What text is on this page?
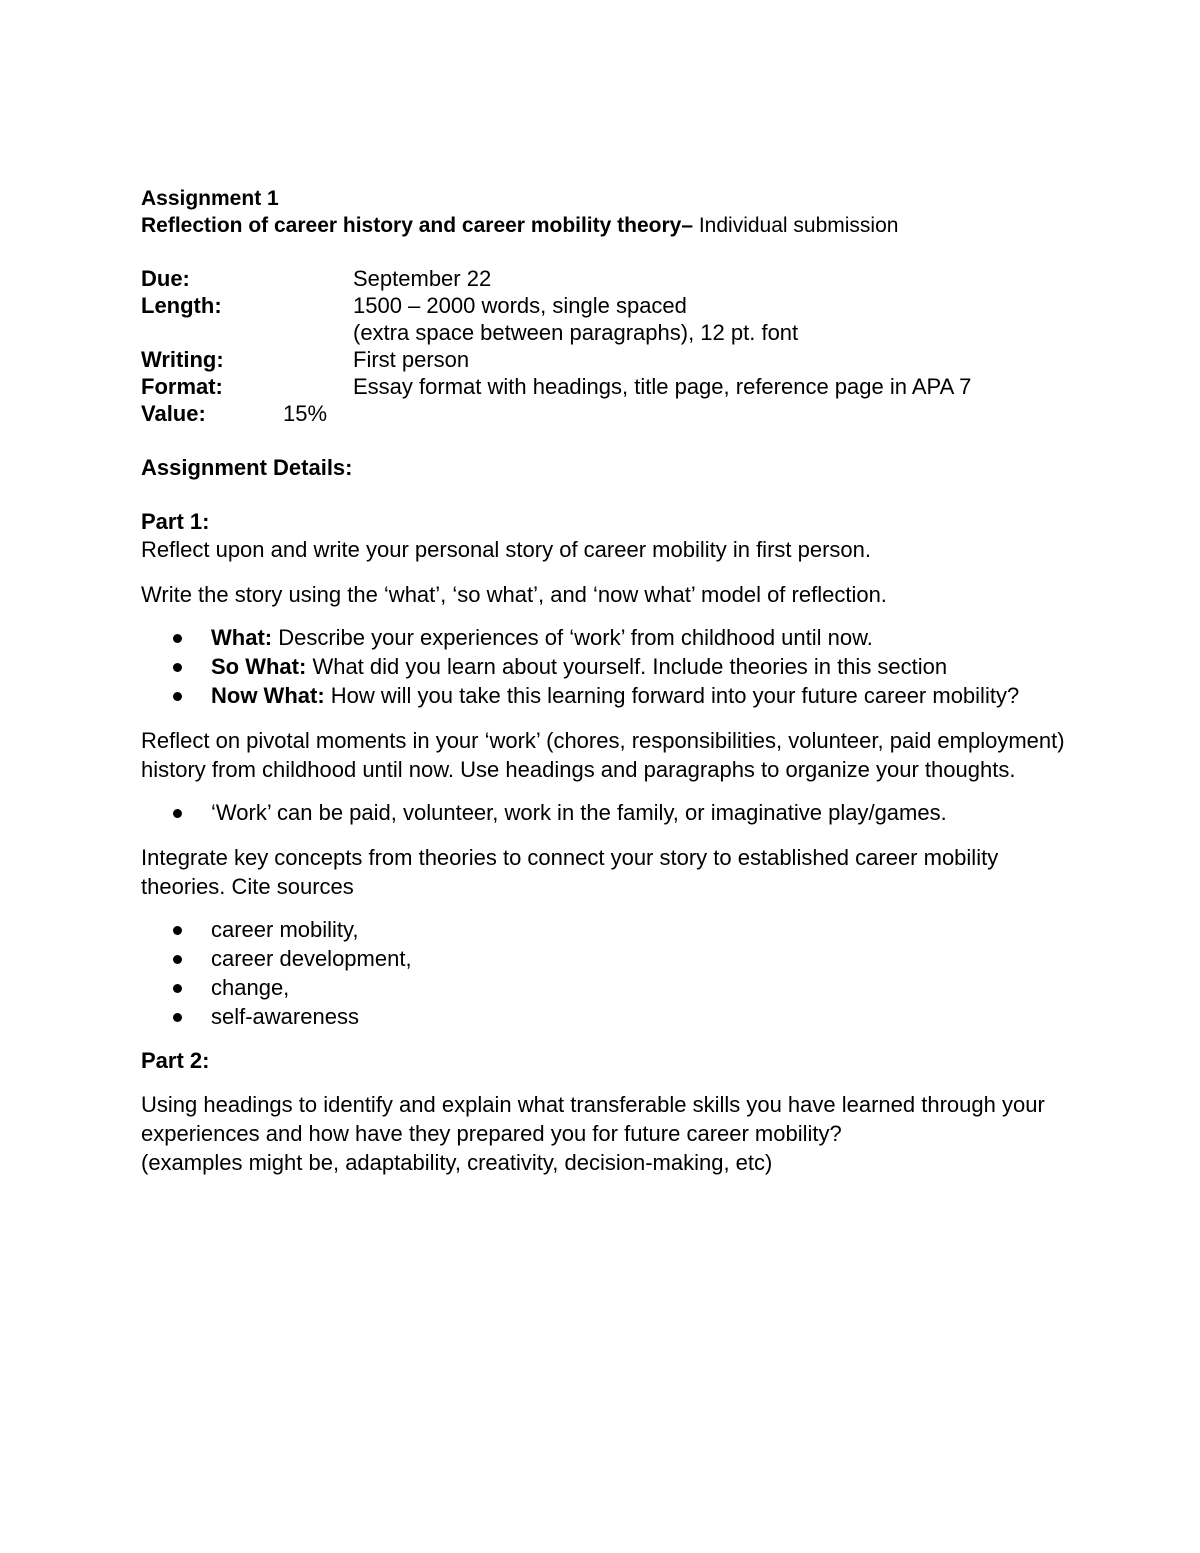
Assignment 1
Reflection of career history and career mobility theory– Individual submission
Due:	September 22
Length:	1500 – 2000 words, single spaced
(extra space between paragraphs), 12 pt. font
Writing:	First person
Format:	Essay format with headings, title page, reference page in APA 7
Value:	15%
Assignment Details:
Part 1:

Reflect upon and write your personal story of career mobility in first person.

Write the story using the ‘what’, ‘so what’, and ‘now what’ model of reflection.

What: Describe your experiences of ‘work’ from childhood until now.
So What: What did you learn about yourself. Include theories in this section
Now What: How will you take this learning forward into your future career mobility?

Reflect on pivotal moments in your ‘work’ (chores, responsibilities, volunteer, paid employment) history from childhood until now. Use headings and paragraphs to organize your thoughts.

‘Work’ can be paid, volunteer, work in the family, or imaginative play/games.

Integrate key concepts from theories to connect your story to established career mobility theories. Cite sources

career mobility,
career development,
change,
self-awareness
Part 2:

Using headings to identify and explain what transferable skills you have learned through your experiences and how have they prepared you for future career mobility?

(examples might be, adaptability, creativity, decision-making, etc)
